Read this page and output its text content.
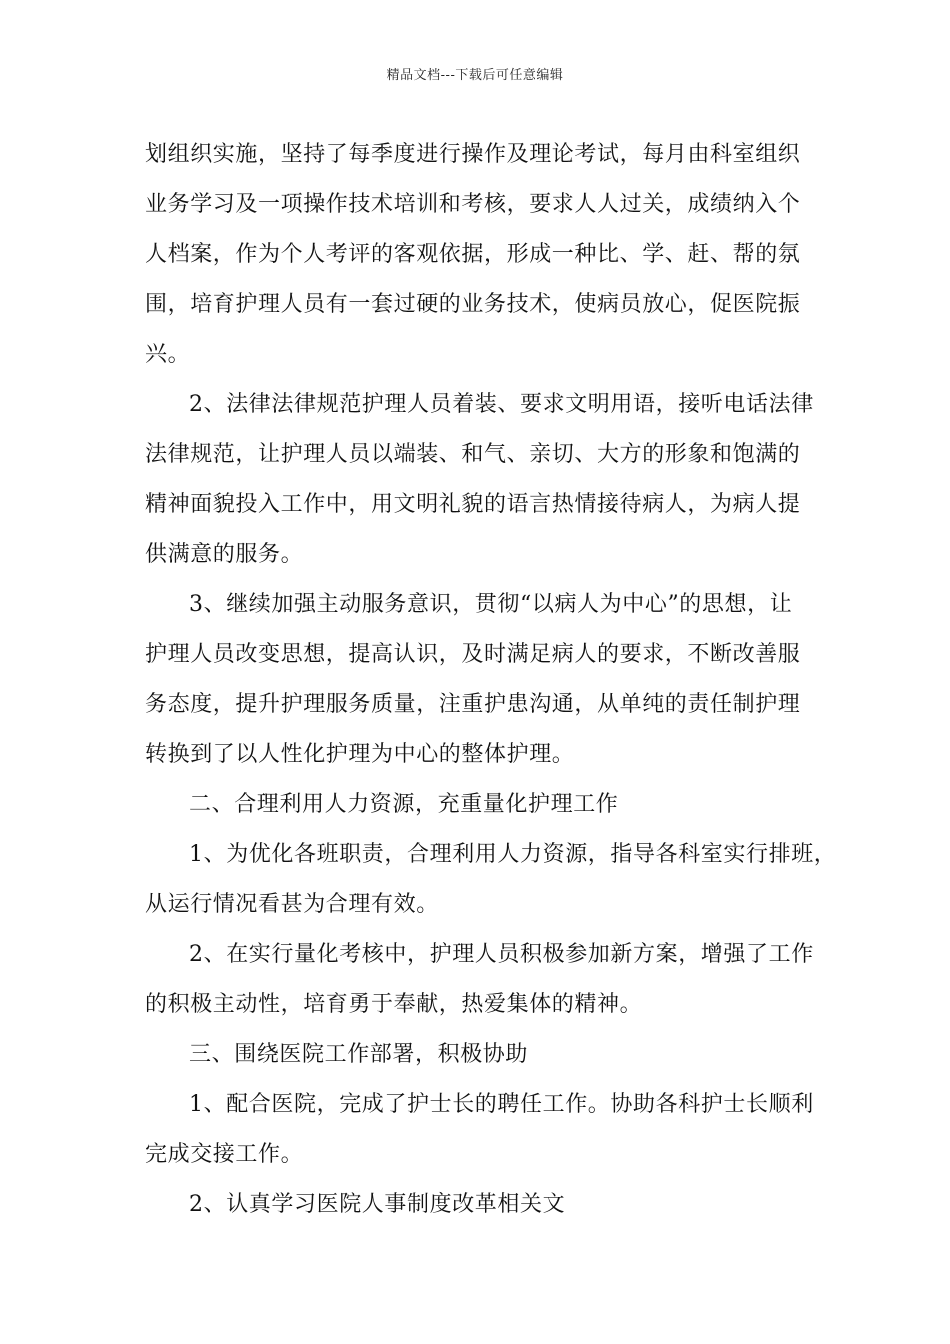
精品文档---下载后可任意编辑

划组织实施，坚持了每季度进行操作及理论考试，每月由科室组织
业务学习及一项操作技术培训和考核，要求人人过关，成绩纳入个
人档案，作为个人考评的客观依据，形成一种比、学、赶、帮的氛
围，培育护理人员有一套过硬的业务技术，使病员放心，促医院振
兴。

2、法律法律规范护理人员着装、要求文明用语，接听电话法律
法律规范，让护理人员以端装、和气、亲切、大方的形象和饱满的
精神面貌投入工作中，用文明礼貌的语言热情接待病人，为病人提
供满意的服务。

3、继续加强主动服务意识，贯彻“以病人为中心”的思想，让
护理人员改变思想，提高认识，及时满足病人的要求，不断改善服
务态度，提升护理服务质量，注重护患沟通，从单纯的责任制护理
转换到了以人性化护理为中心的整体护理。

二、合理利用人力资源，充重量化护理工作

1、为优化各班职责，合理利用人力资源，指导各科室实行排班，
从运行情况看甚为合理有效。

2、在实行量化考核中，护理人员积极参加新方案，增强了工作
的积极主动性，培育勇于奉献，热爱集体的精神。

三、围绕医院工作部署，积极协助

1、配合医院，完成了护士长的聘任工作。协助各科护士长顺利
完成交接工作。

2、认真学习医院人事制度改革相关文
